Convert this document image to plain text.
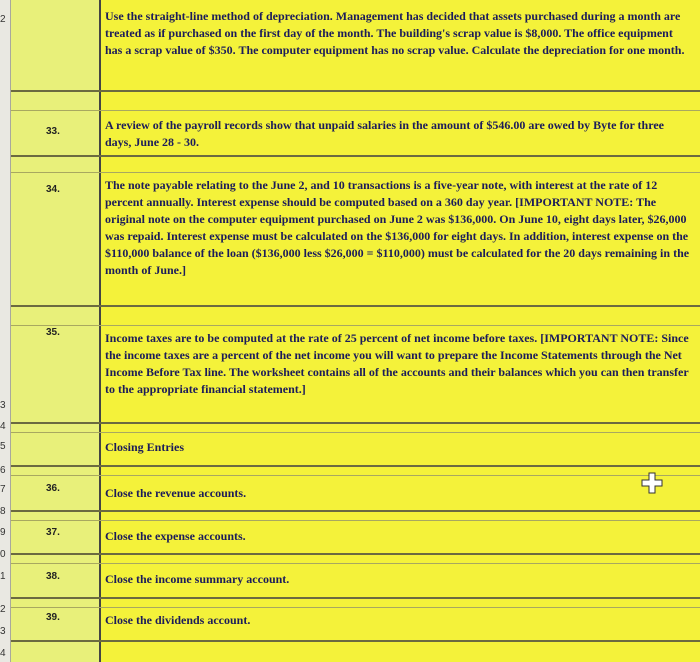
2
3
4
5
6
7
8
9
0
1
2
3
4
Use the straight-line method of depreciation. Management has decided that assets purchased during a month are treated as if purchased on the first day of the month. The building's scrap value is $8,000. The office equipment has a scrap value of $350. The computer equipment has no scrap value. Calculate the depreciation for one month.
33.	A review of the payroll records show that unpaid salaries in the amount of $546.00 are owed by Byte for three days, June 28 - 30.
34.	The note payable relating to the June 2, and 10 transactions is a five-year note, with interest at the rate of 12 percent annually. Interest expense should be computed based on a 360 day year. [IMPORTANT NOTE: The original note on the computer equipment purchased on June 2 was $136,000. On June 10, eight days later, $26,000 was repaid. Interest expense must be calculated on the $136,000 for eight days. In addition, interest expense on the $110,000 balance of the loan ($136,000 less $26,000 = $110,000) must be calculated for the 20 days remaining in the month of June.]
35.	Income taxes are to be computed at the rate of 25 percent of net income before taxes. [IMPORTANT NOTE: Since the income taxes are a percent of the net income you will want to prepare the Income Statements through the Net Income Before Tax line. The worksheet contains all of the accounts and their balances which you can then transfer to the appropriate financial statement.]
Closing Entries
36.	Close the revenue accounts.
37.	Close the expense accounts.
38.	Close the income summary account.
39.	Close the dividends account.
